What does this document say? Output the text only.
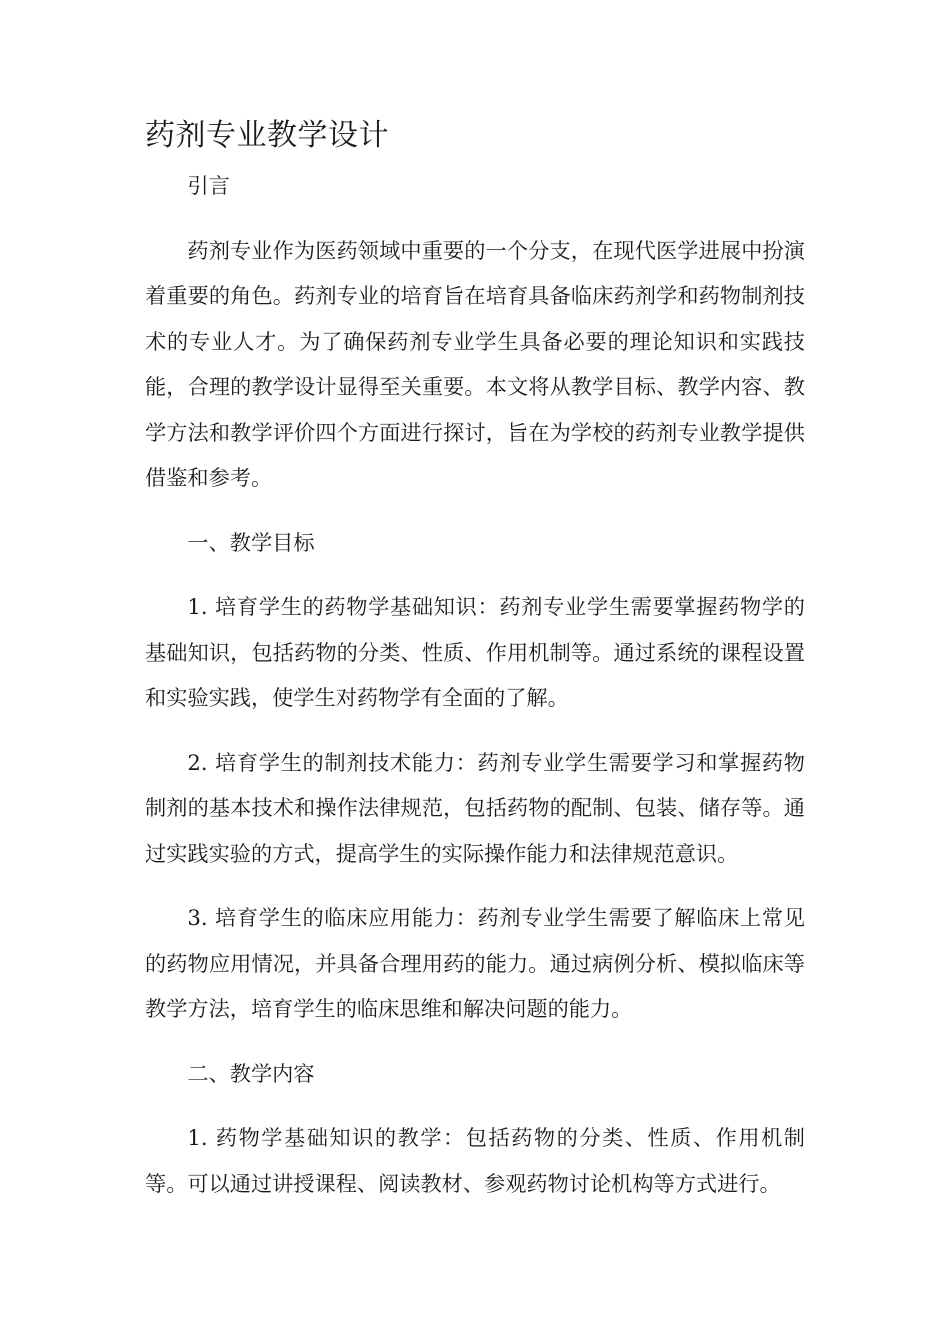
药剂专业教学设计

引言

药剂专业作为医药领域中重要的一个分支，在现代医学进展中扮演着重要的角色。药剂专业的培育旨在培育具备临床药剂学和药物制剂技术的专业人才。为了确保药剂专业学生具备必要的理论知识和实践技能，合理的教学设计显得至关重要。本文将从教学目标、教学内容、教学方法和教学评价四个方面进行探讨，旨在为学校的药剂专业教学提供借鉴和参考。

一、教学目标

1. 培育学生的药物学基础知识：药剂专业学生需要掌握药物学的基础知识，包括药物的分类、性质、作用机制等。通过系统的课程设置和实验实践，使学生对药物学有全面的了解。

2. 培育学生的制剂技术能力：药剂专业学生需要学习和掌握药物制剂的基本技术和操作法律规范，包括药物的配制、包装、储存等。通过实践实验的方式，提高学生的实际操作能力和法律规范意识。

3. 培育学生的临床应用能力：药剂专业学生需要了解临床上常见的药物应用情况，并具备合理用药的能力。通过病例分析、模拟临床等教学方法，培育学生的临床思维和解决问题的能力。

二、教学内容

1. 药物学基础知识的教学：包括药物的分类、性质、作用机制等。可以通过讲授课程、阅读教材、参观药物讨论机构等方式进行。
